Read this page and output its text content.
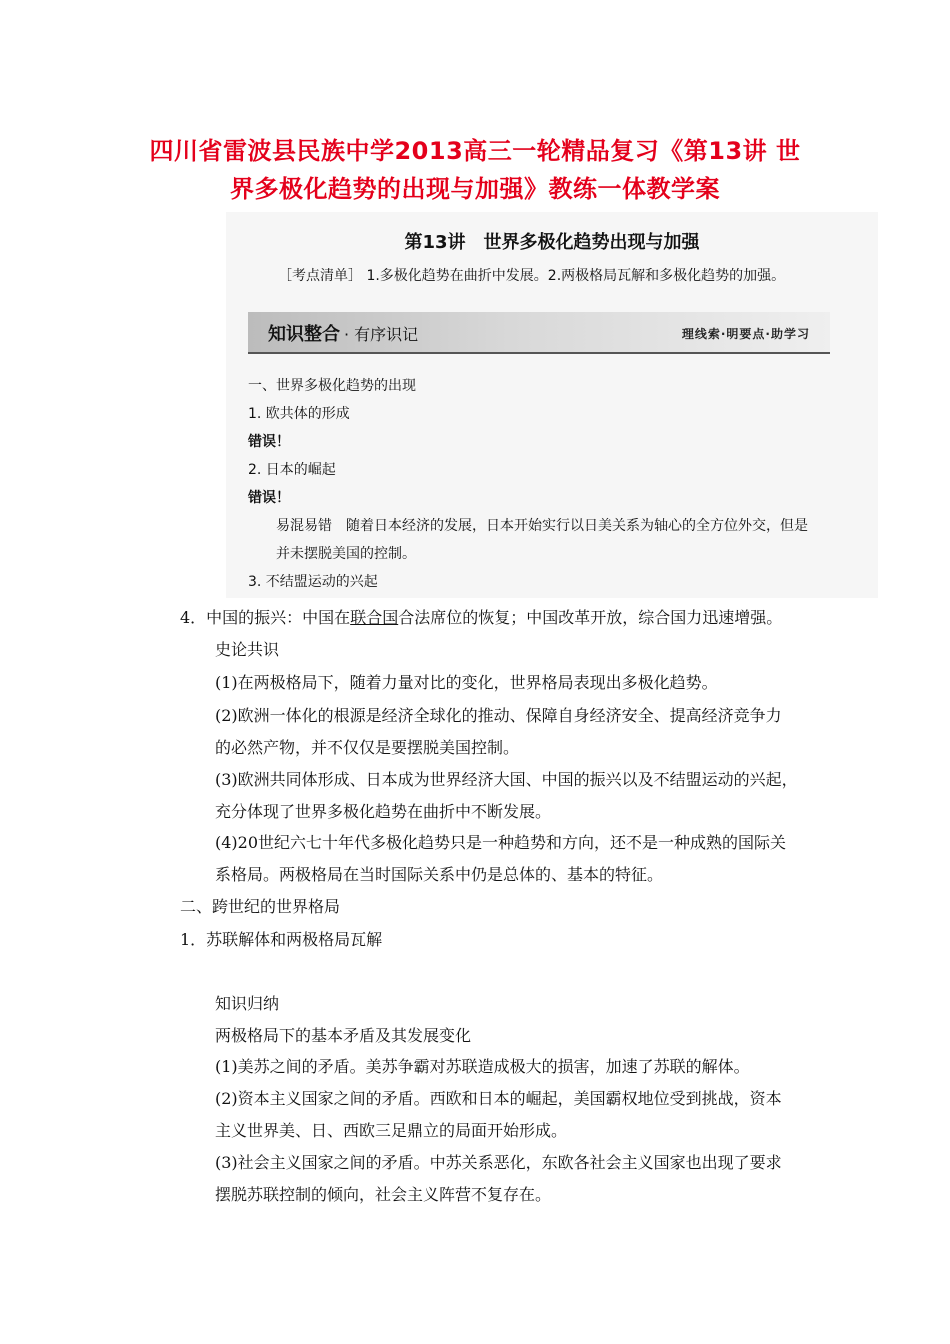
四川省雷波县民族中学2013高三一轮精品复习《第13讲 世
界多极化趋势的出现与加强》教练一体教学案
第13讲　世界多极化趋势出现与加强
［考点清单］ 1.多极化趋势在曲折中发展。2.两极格局瓦解和多极化趋势的加强。
知识整合 · 有序识记	理线索·明要点·助学习
一、世界多极化趋势的出现
1. 欧共体的形成
错误！
2. 日本的崛起
错误！
易混易错　随着日本经济的发展，日本开始实行以日美关系为轴心的全方位外交，但是
并未摆脱美国的控制。
3. 不结盟运动的兴起
4．中国的振兴：中国在联合国合法席位的恢复；中国改革开放，综合国力迅速增强。
史论共识
(1)在两极格局下，随着力量对比的变化，世界格局表现出多极化趋势。
(2)欧洲一体化的根源是经济全球化的推动、保障自身经济安全、提高经济竞争力
的必然产物，并不仅仅是要摆脱美国控制。
(3)欧洲共同体形成、日本成为世界经济大国、中国的振兴以及不结盟运动的兴起，
充分体现了世界多极化趋势在曲折中不断发展。
(4)20世纪六七十年代多极化趋势只是一种趋势和方向，还不是一种成熟的国际关
系格局。两极格局在当时国际关系中仍是总体的、基本的特征。
二、跨世纪的世界格局
1．苏联解体和两极格局瓦解
知识归纳
两极格局下的基本矛盾及其发展变化
(1)美苏之间的矛盾。美苏争霸对苏联造成极大的损害，加速了苏联的解体。
(2)资本主义国家之间的矛盾。西欧和日本的崛起，美国霸权地位受到挑战，资本
主义世界美、日、西欧三足鼎立的局面开始形成。
(3)社会主义国家之间的矛盾。中苏关系恶化，东欧各社会主义国家也出现了要求
摆脱苏联控制的倾向，社会主义阵营不复存在。
